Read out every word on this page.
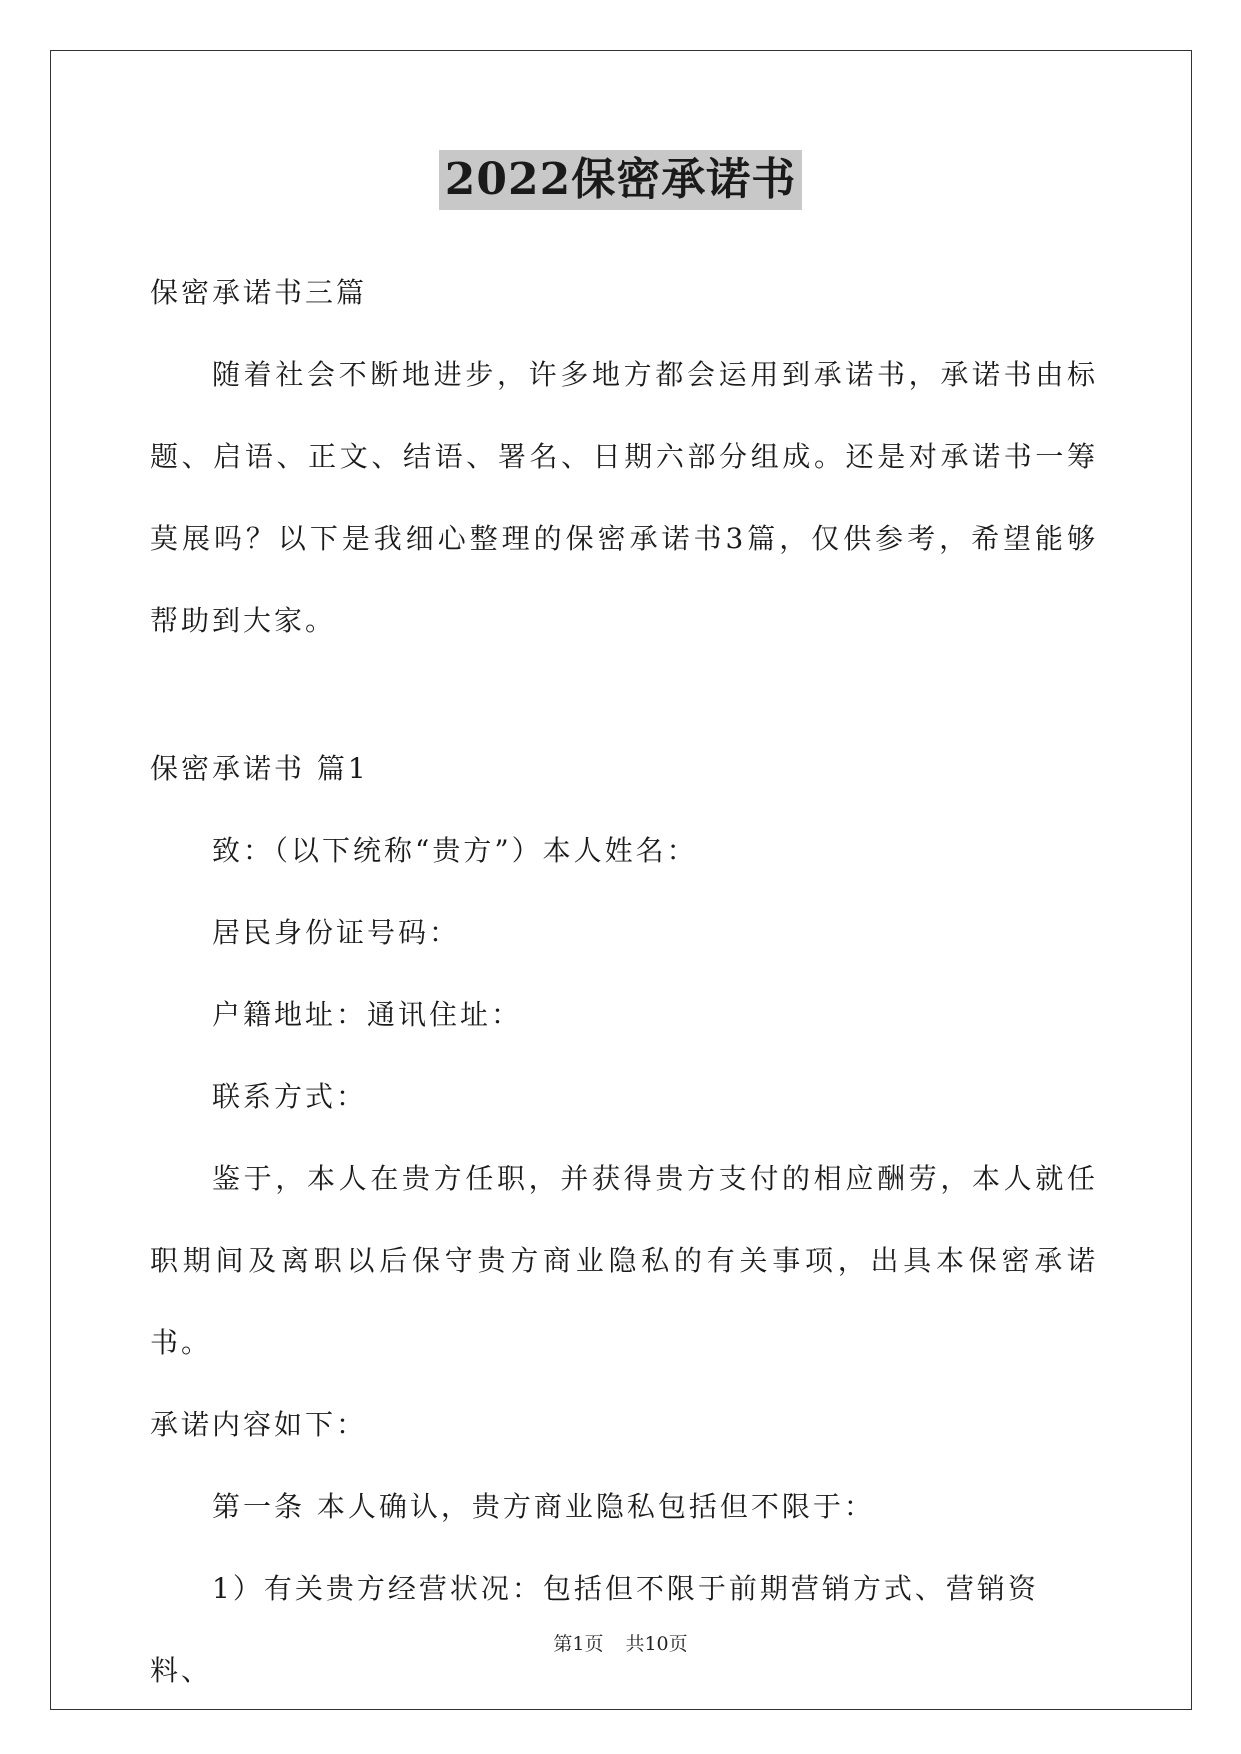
2022保密承诺书

保密承诺书三篇

随着社会不断地进步，许多地方都会运用到承诺书，承诺书由标题、启语、正文、结语、署名、日期六部分组成。还是对承诺书一筹莫展吗？以下是我细心整理的保密承诺书3篇，仅供参考，希望能够帮助到大家。

保密承诺书 篇1

致：（以下统称“贵方”）本人姓名：

居民身份证号码：

户籍地址：通讯住址：

联系方式：

鉴于，本人在贵方任职，并获得贵方支付的相应酬劳，本人就任职期间及离职以后保守贵方商业隐私的有关事项，出具本保密承诺书。

承诺内容如下：

第一条 本人确认，贵方商业隐私包括但不限于：

1）有关贵方经营状况：包括但不限于前期营销方式、营销资料、

第1页 共10页
